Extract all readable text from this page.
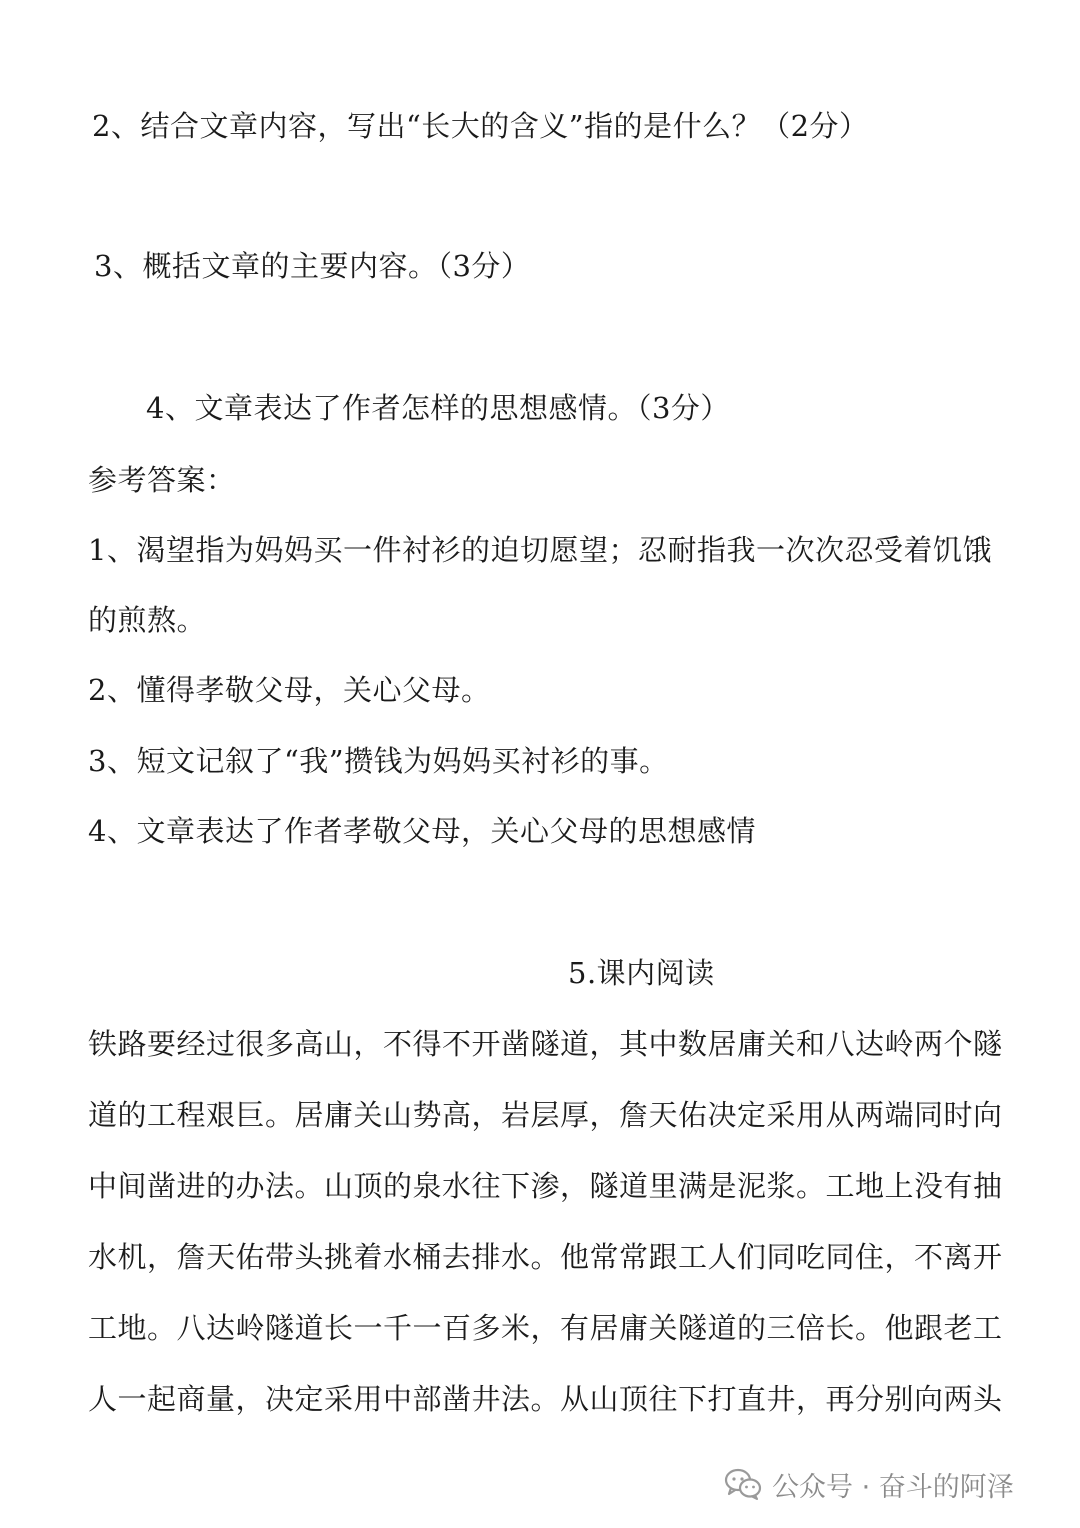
2、结合文章内容，写出“长大的含义”指的是什么？（2分）
3、概括文章的主要内容。（3分）
4、文章表达了作者怎样的思想感情。（3分）
参考答案：
1、渴望指为妈妈买一件衬衫的迫切愿望；忍耐指我一次次忍受着饥饿
的煎熬。
2、懂得孝敬父母，关心父母。
3、短文记叙了“我”攒钱为妈妈买衬衫的事。
4、文章表达了作者孝敬父母，关心父母的思想感情
5.课内阅读
铁路要经过很多高山，不得不开凿隧道，其中数居庸关和八达岭两个隧
道的工程艰巨。居庸关山势高，岩层厚，詹天佑决定采用从两端同时向
中间凿进的办法。山顶的泉水往下渗，隧道里满是泥浆。工地上没有抽
水机，詹天佑带头挑着水桶去排水。他常常跟工人们同吃同住，不离开
工地。八达岭隧道长一千一百多米，有居庸关隧道的三倍长。他跟老工
人一起商量，决定采用中部凿井法。从山顶往下打直井，再分别向两头
公众号 · 奋斗的阿泽
